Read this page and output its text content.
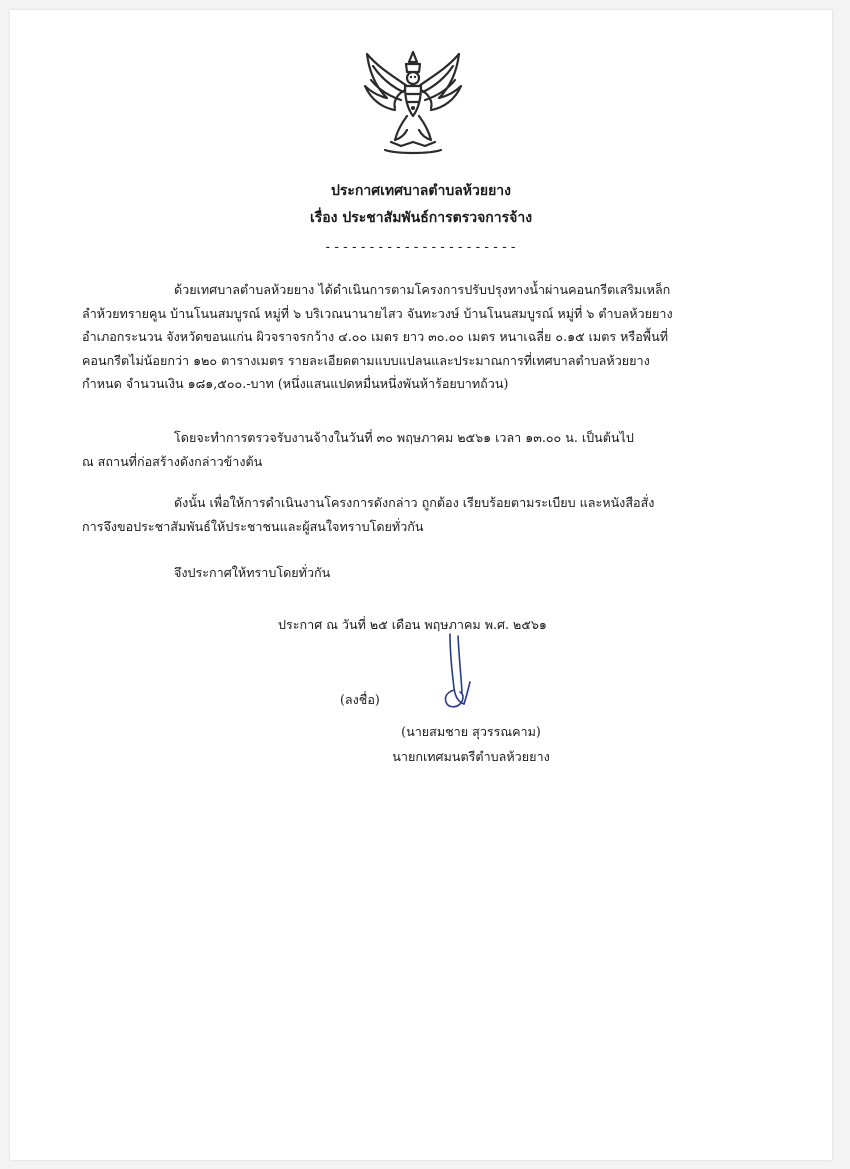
ประกาศเทศบาลตำบลห้วยยาง
เรื่อง ประชาสัมพันธ์การตรวจการจ้าง
----------------------
ด้วยเทศบาลตำบลห้วยยาง ได้ดำเนินการตามโครงการปรับปรุงทางน้ำผ่านคอนกรีตเสริมเหล็ก
ลำห้วยทรายคูน บ้านโนนสมบูรณ์ หมู่ที่ ๖ บริเวณนานายไสว จันทะวงษ์ บ้านโนนสมบูรณ์ หมู่ที่ ๖ ตำบลห้วยยาง
อำเภอกระนวน จังหวัดขอนแก่น ผิวจราจรกว้าง ๔.๐๐ เมตร ยาว ๓๐.๐๐ เมตร หนาเฉลี่ย ๐.๑๕ เมตร หรือพื้นที่
คอนกรีตไม่น้อยกว่า ๑๒๐ ตารางเมตร รายละเอียดตามแบบแปลนและประมาณการที่เทศบาลตำบลห้วยยาง
กำหนด จำนวนเงิน ๑๘๑,๕๐๐.-บาท (หนึ่งแสนแปดหมื่นหนึ่งพันห้าร้อยบาทถ้วน)
โดยจะทำการตรวจรับงานจ้างในวันที่ ๓๐ พฤษภาคม ๒๕๖๑ เวลา ๑๓.๐๐ น. เป็นต้นไป
ณ สถานที่ก่อสร้างดังกล่าวข้างต้น
ดังนั้น เพื่อให้การดำเนินงานโครงการดังกล่าว ถูกต้อง เรียบร้อยตามระเบียบ และหนังสือสั่ง
การจึงขอประชาสัมพันธ์ให้ประชาชนและผู้สนใจทราบโดยทั่วกัน
จึงประกาศให้ทราบโดยทั่วกัน
ประกาศ ณ วันที่ ๒๕ เดือน พฤษภาคม พ.ศ. ๒๕๖๑
(ลงชื่อ)
(นายสมชาย สุวรรณคาม)
นายกเทศมนตรีตำบลห้วยยาง
